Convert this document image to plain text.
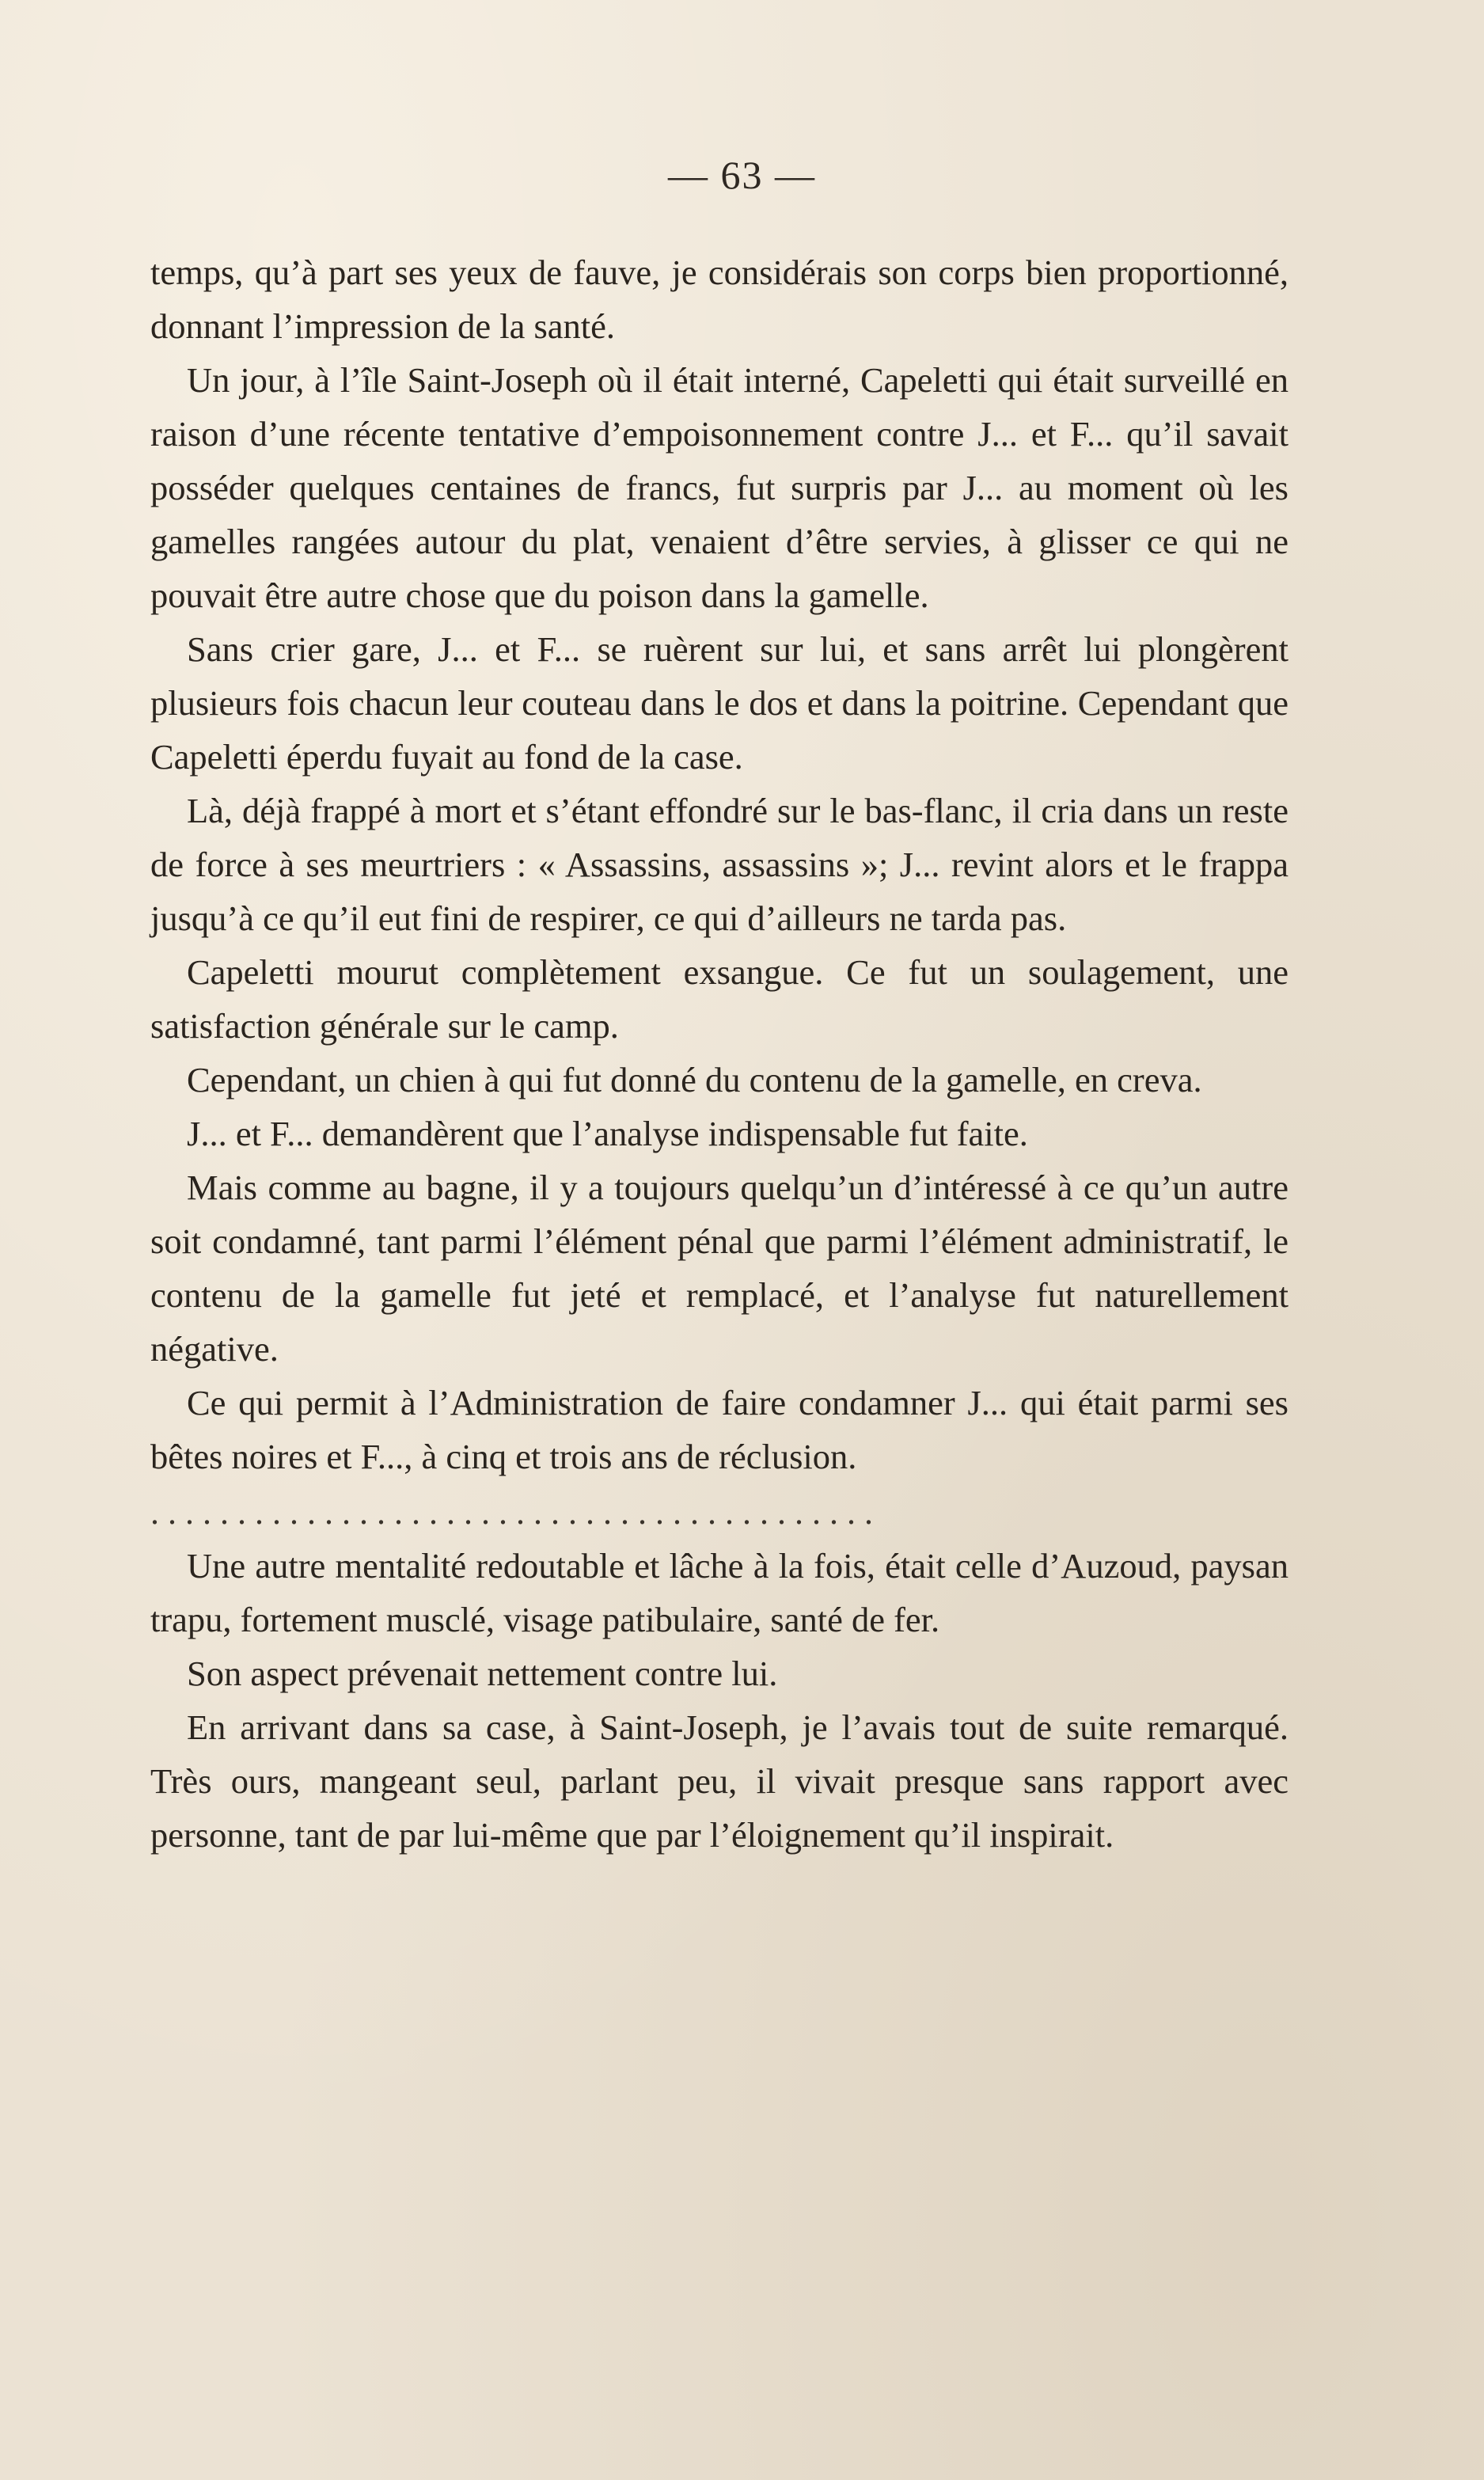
— 63 —

temps, qu’à part ses yeux de fauve, je considérais son corps bien proportionné, donnant l’impression de la santé.

Un jour, à l’île Saint-Joseph où il était interné, Capeletti qui était surveillé en raison d’une récente tentative d’empoisonnement contre J... et F... qu’il savait posséder quelques centaines de francs, fut surpris par J... au moment où les gamelles rangées autour du plat, venaient d’être servies, à glisser ce qui ne pouvait être autre chose que du poison dans la gamelle.

Sans crier gare, J... et F... se ruèrent sur lui, et sans arrêt lui plongèrent plusieurs fois chacun leur couteau dans le dos et dans la poitrine. Cependant que Capeletti éperdu fuyait au fond de la case.

Là, déjà frappé à mort et s’étant effondré sur le bas-flanc, il cria dans un reste de force à ses meurtriers : « Assassins, assassins »; J... revint alors et le frappa jusqu’à ce qu’il eut fini de respirer, ce qui d’ailleurs ne tarda pas.

Capeletti mourut complètement exsangue. Ce fut un soulagement, une satisfaction générale sur le camp.

Cependant, un chien à qui fut donné du contenu de la gamelle, en creva.

J... et F... demandèrent que l’analyse indispensable fut faite.

Mais comme au bagne, il y a toujours quelqu’un d’intéressé à ce qu’un autre soit condamné, tant parmi l’élément pénal que parmi l’élément administratif, le contenu de la gamelle fut jeté et remplacé, et l’analyse fut naturellement négative.

Ce qui permit à l’Administration de faire condamner J... qui était parmi ses bêtes noires et F..., à cinq et trois ans de réclusion.

. . . . . . . . . . . . . . . . . . . . . . . . . . . . . . . . . . . . . . . . . .

Une autre mentalité redoutable et lâche à la fois, était celle d’Auzoud, paysan trapu, fortement musclé, visage patibulaire, santé de fer.

Son aspect prévenait nettement contre lui.

En arrivant dans sa case, à Saint-Joseph, je l’avais tout de suite remarqué. Très ours, mangeant seul, parlant peu, il vivait presque sans rapport avec personne, tant de par lui-même que par l’éloignement qu’il inspirait.
